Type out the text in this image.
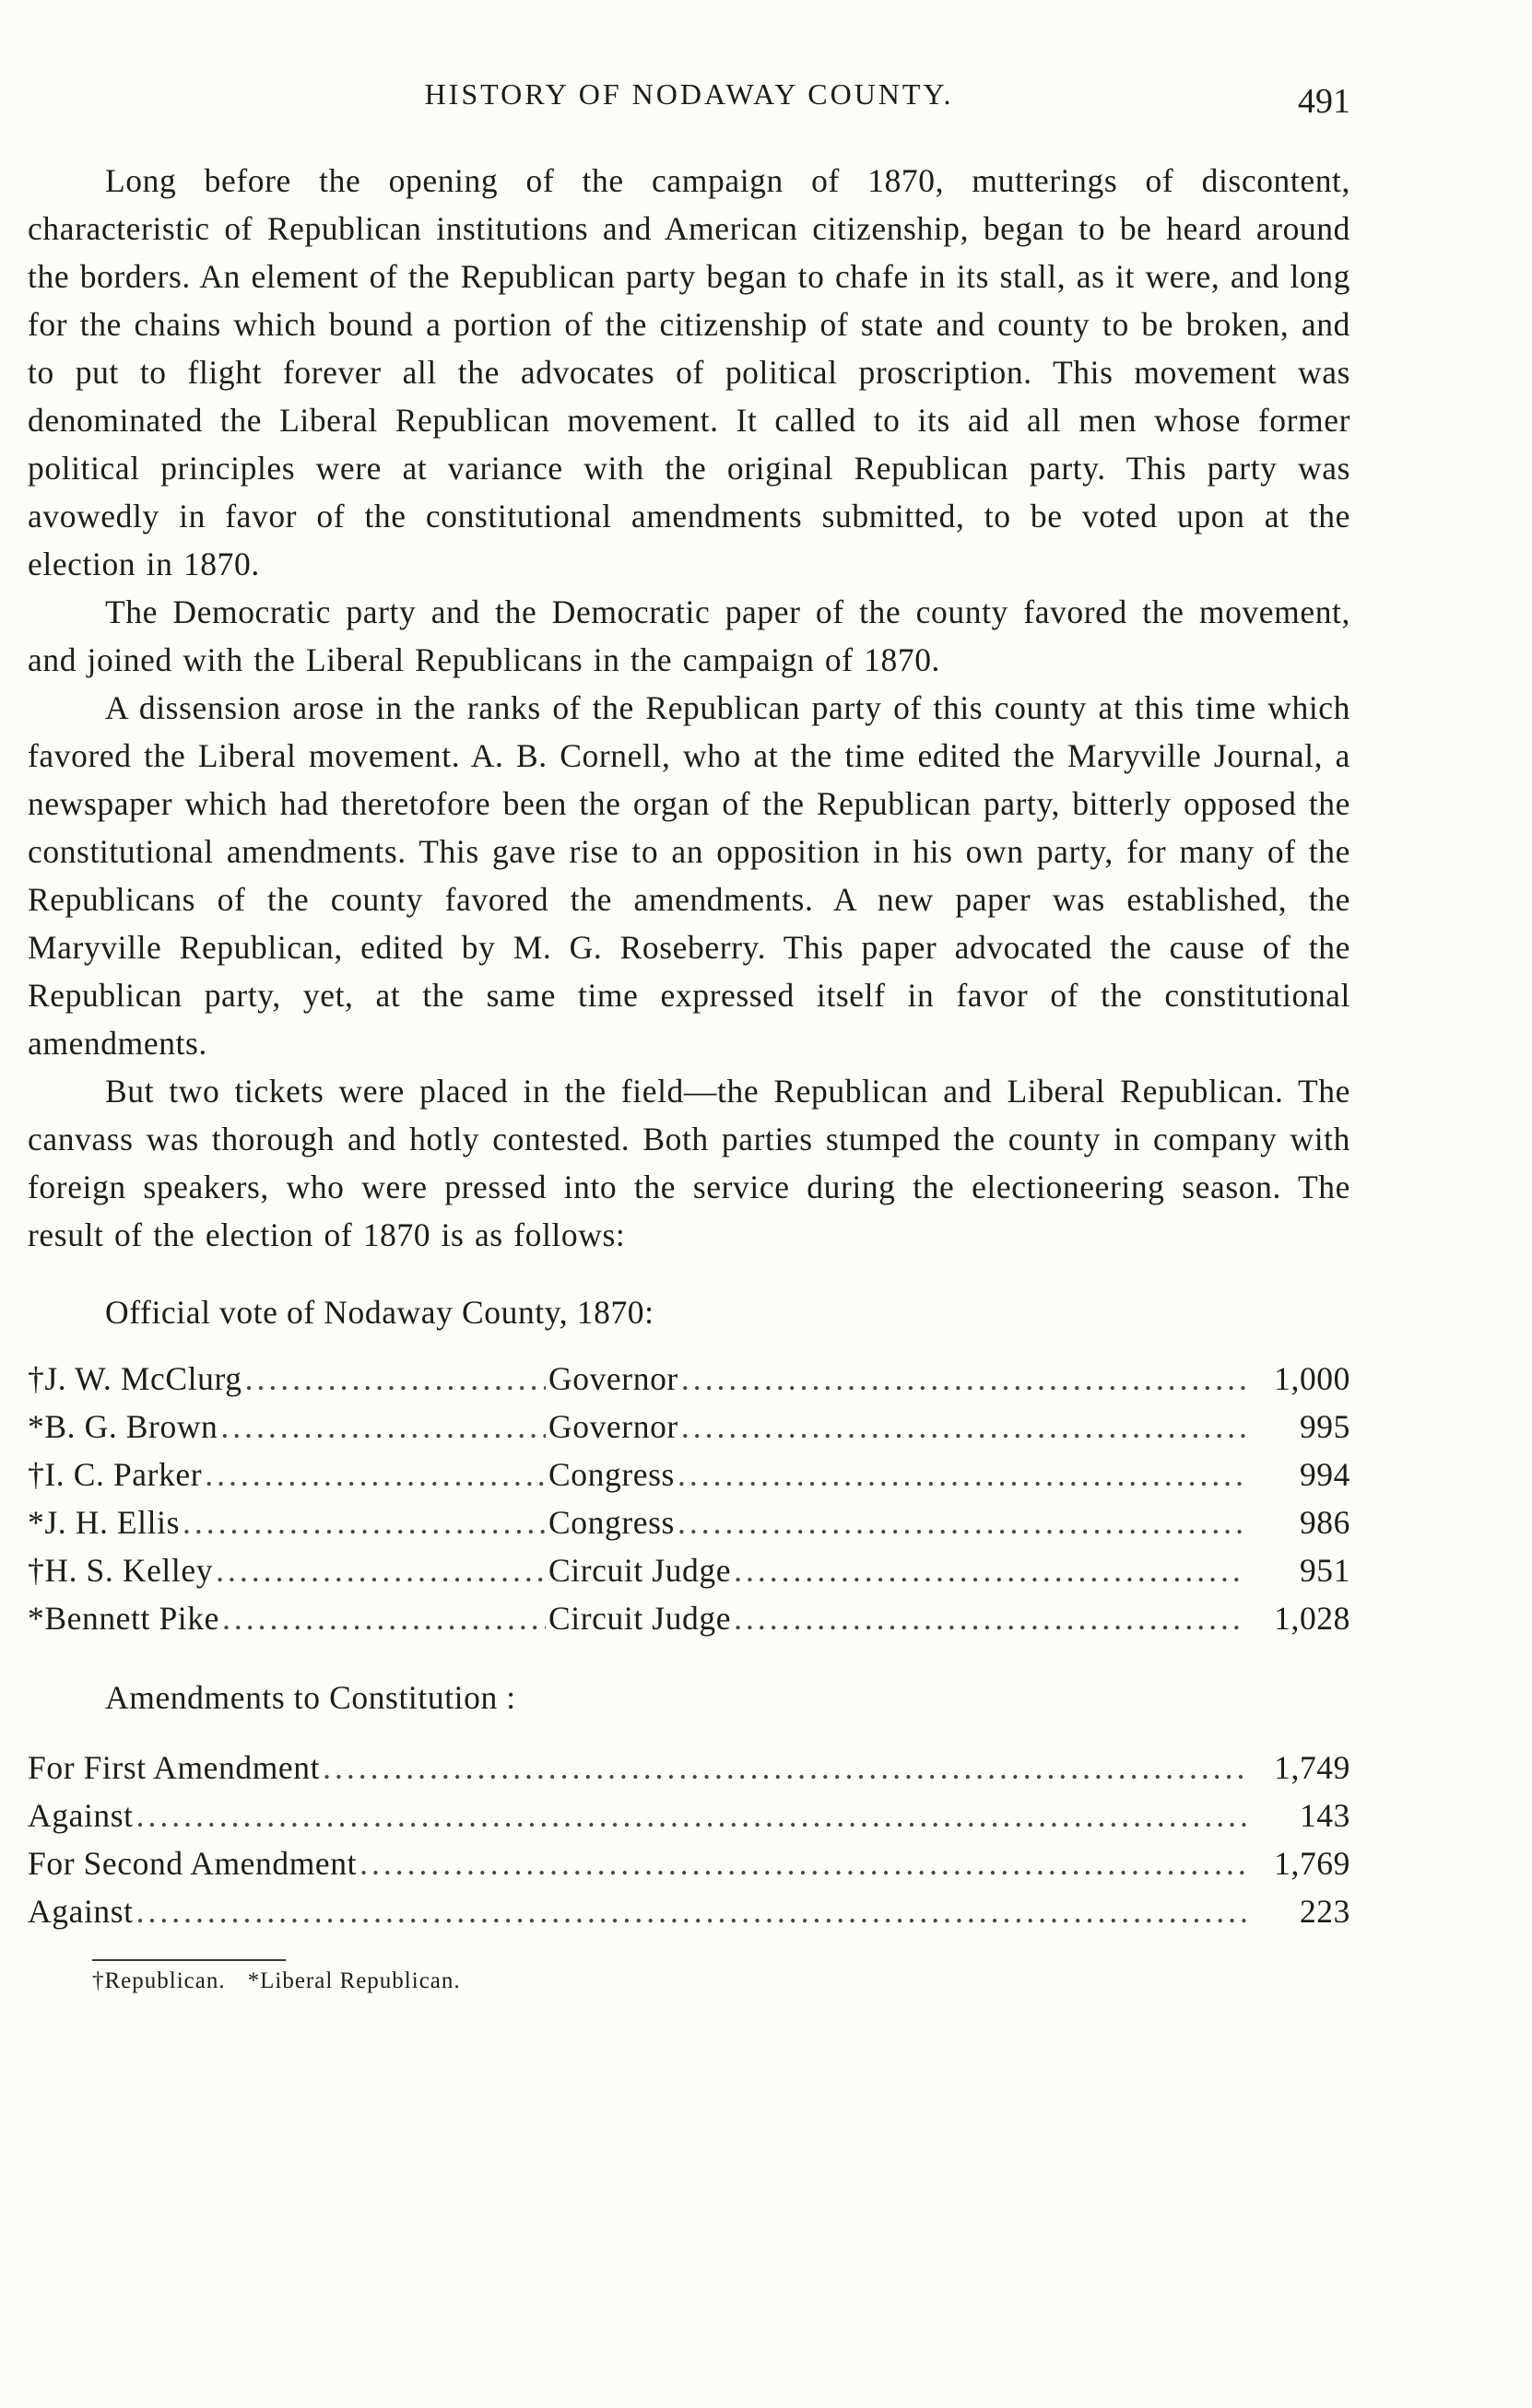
HISTORY OF NODAWAY COUNTY.	491

Long before the opening of the campaign of 1870, mutterings of discontent, characteristic of Republican institutions and American citizenship, began to be heard around the borders. An element of the Republican party began to chafe in its stall, as it were, and long for the chains which bound a portion of the citizenship of state and county to be broken, and to put to flight forever all the advocates of political proscription. This movement was denominated the Liberal Republican movement. It called to its aid all men whose former political principles were at variance with the original Republican party. This party was avowedly in favor of the constitutional amendments submitted, to be voted upon at the election in 1870.

The Democratic party and the Democratic paper of the county favored the movement, and joined with the Liberal Republicans in the campaign of 1870.

A dissension arose in the ranks of the Republican party of this county at this time which favored the Liberal movement. A. B. Cornell, who at the time edited the Maryville Journal, a newspaper which had theretofore been the organ of the Republican party, bitterly opposed the constitutional amendments. This gave rise to an opposition in his own party, for many of the Republicans of the county favored the amendments. A new paper was established, the Maryville Republican, edited by M. G. Roseberry. This paper advocated the cause of the Republican party, yet, at the same time expressed itself in favor of the constitutional amendments.

But two tickets were placed in the field—the Republican and Liberal Republican. The canvass was thorough and hotly contested. Both parties stumped the county in company with foreign speakers, who were pressed into the service during the electioneering season. The result of the election of 1870 is as follows:

Official vote of Nodaway County, 1870:
†J. W. McClurg .....	Governor .....	1,000
*B. G. Brown .....	Governor .....	995
†I. C. Parker .....	Congress .....	994
*J. H. Ellis .....	Congress .....	986
†H. S. Kelley .....	Circuit Judge .....	951
*Bennett Pike .....	Circuit Judge .....	1,028
Amendments to Constitution :
For First Amendment .....	1,749
Against .....	143
For Second Amendment .....	1,769
Against .....	223
†Republican. *Liberal Republican.
